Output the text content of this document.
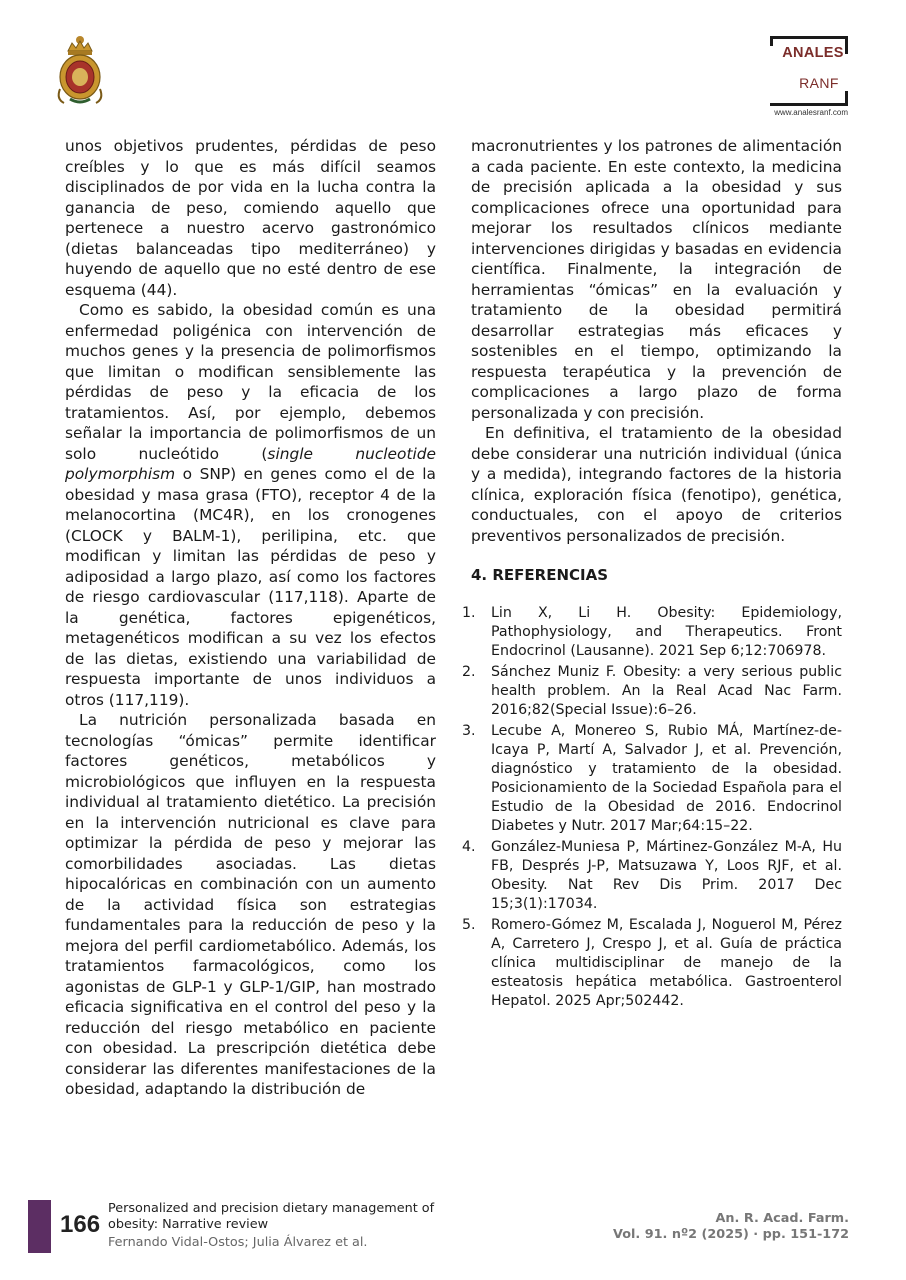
ANALES
RANF
www.analesranf.com

unos objetivos prudentes, pérdidas de peso creíbles y lo que es más difícil seamos disciplinados de por vida en la lucha contra la ganancia de peso, comiendo aquello que pertenece a nuestro acervo gastronómico (dietas balanceadas tipo mediterráneo) y huyendo de aquello que no esté dentro de ese esquema (44).

Como es sabido, la obesidad común es una enfermedad poligénica con intervención de muchos genes y la presencia de polimorfismos que limitan o modifican sensiblemente las pérdidas de peso y la eficacia de los tratamientos. Así, por ejemplo, debemos señalar la importancia de polimorfismos de un solo nucleótido (single nucleotide polymorphism o SNP) en genes como el de la obesidad y masa grasa (FTO), receptor 4 de la melanocortina (MC4R), en los cronogenes (CLOCK y BALM-1), perilipina, etc. que modifican y limitan las pérdidas de peso y adiposidad a largo plazo, así como los factores de riesgo cardiovascular (117,118). Aparte de la genética, factores epigenéticos, metagenéticos modifican a su vez los efectos de las dietas, existiendo una variabilidad de respuesta importante de unos individuos a otros (117,119).

La nutrición personalizada basada en tecnologías “ómicas” permite identificar factores genéticos, metabólicos y microbiológicos que influyen en la respuesta individual al tratamiento dietético. La precisión en la intervención nutricional es clave para optimizar la pérdida de peso y mejorar las comorbilidades asociadas. Las dietas hipocalóricas en combinación con un aumento de la actividad física son estrategias fundamentales para la reducción de peso y la mejora del perfil cardiometabólico. Además, los tratamientos farmacológicos, como los agonistas de GLP-1 y GLP-1/GIP, han mostrado eficacia significativa en el control del peso y la reducción del riesgo metabólico en paciente con obesidad. La prescripción dietética debe considerar las diferentes manifestaciones de la obesidad, adaptando la distribución de

macronutrientes y los patrones de alimentación a cada paciente. En este contexto, la medicina de precisión aplicada a la obesidad y sus complicaciones ofrece una oportunidad para mejorar los resultados clínicos mediante intervenciones dirigidas y basadas en evidencia científica. Finalmente, la integración de herramientas “ómicas” en la evaluación y tratamiento de la obesidad permitirá desarrollar estrategias más eficaces y sostenibles en el tiempo, optimizando la respuesta terapéutica y la prevención de complicaciones a largo plazo de forma personalizada y con precisión.

En definitiva, el tratamiento de la obesidad debe considerar una nutrición individual (única y a medida), integrando factores de la historia clínica, exploración física (fenotipo), genética, conductuales, con el apoyo de criterios preventivos personalizados de precisión.

4. REFERENCIAS
1. Lin X, Li H. Obesity: Epidemiology, Pathophysiology, and Therapeutics. Front Endocrinol (Lausanne). 2021 Sep 6;12:706978.
2. Sánchez Muniz F. Obesity: a very serious public health problem. An la Real Acad Nac Farm. 2016;82(Special Issue):6–26.
3. Lecube A, Monereo S, Rubio MÁ, Martínez-de-Icaya P, Martí A, Salvador J, et al. Prevención, diagnóstico y tratamiento de la obesidad. Posicionamiento de la Sociedad Española para el Estudio de la Obesidad de 2016. Endocrinol Diabetes y Nutr. 2017 Mar;64:15–22.
4. González-Muniesa P, Mártinez-González M-A, Hu FB, Després J-P, Matsuzawa Y, Loos RJF, et al. Obesity. Nat Rev Dis Prim. 2017 Dec 15;3(1):17034.
5. Romero-Gómez M, Escalada J, Noguerol M, Pérez A, Carretero J, Crespo J, et al. Guía de práctica clínica multidisciplinar de manejo de la esteatosis hepática metabólica. Gastroenterol Hepatol. 2025 Apr;502442.
166
Personalized and precision dietary management of obesity: Narrative review
Fernando Vidal-Ostos; Julia Álvarez et al.
An. R. Acad. Farm.
Vol. 91. nº2 (2025) · pp. 151-172
